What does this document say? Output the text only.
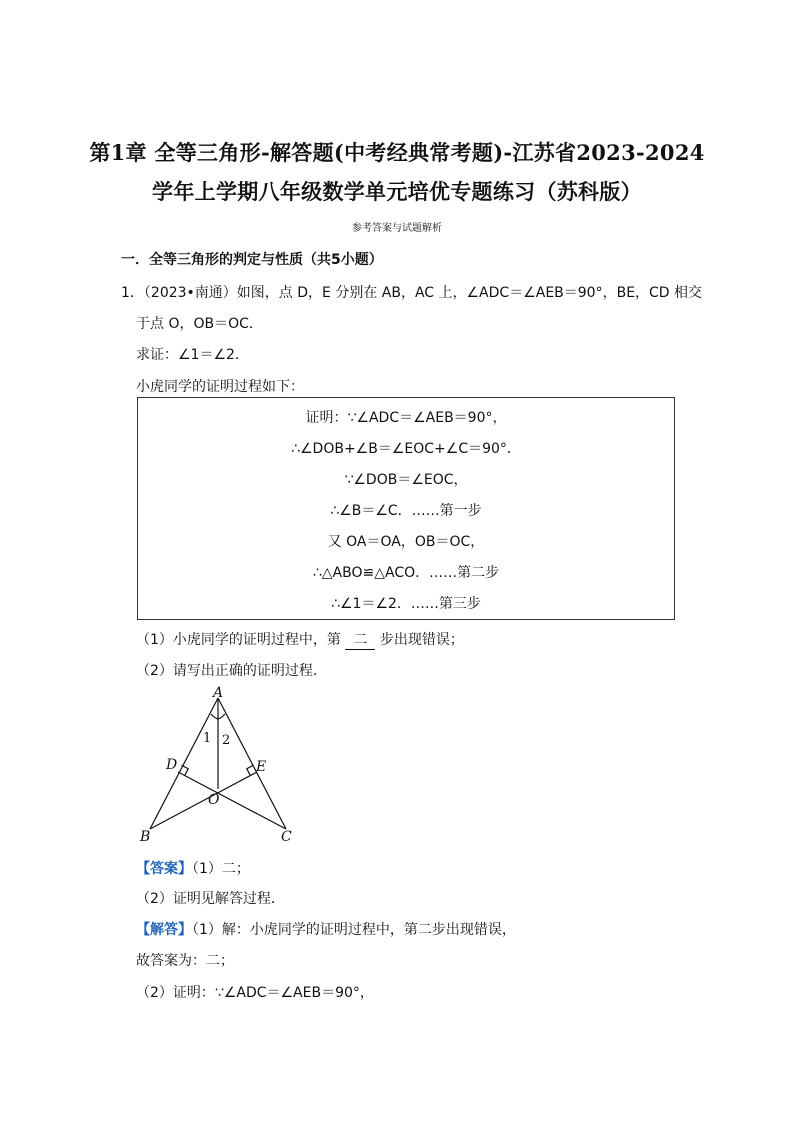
第1章 全等三角形-解答题(中考经典常考题)-江苏省2023-2024
学年上学期八年级数学单元培优专题练习（苏科版）
参考答案与试题解析
一．全等三角形的判定与性质（共5小题）
1．（2023•南通）如图，点 D，E 分别在 AB，AC 上，∠ADC＝∠AEB＝90°，BE，CD 相交
于点 O，OB＝OC．
求证：∠1＝∠2．
小虎同学的证明过程如下：
证明：∵∠ADC＝∠AEB＝90°，
∴∠DOB+∠B＝∠EOC+∠C＝90°．
∵∠DOB＝∠EOC，
∴∠B＝∠C．……第一步
又 OA＝OA，OB＝OC，
∴△ABO≌△ACO．……第二步
∴∠1＝∠2．……第三步
（1）小虎同学的证明过程中，第 二 步出现错误；
（2）请写出正确的证明过程．
A
B	C
D	E
O
1 2
【答案】（1）二；
（2）证明见解答过程．
【解答】（1）解：小虎同学的证明过程中，第二步出现错误，
故答案为：二；
（2）证明：∵∠ADC＝∠AEB＝90°，
